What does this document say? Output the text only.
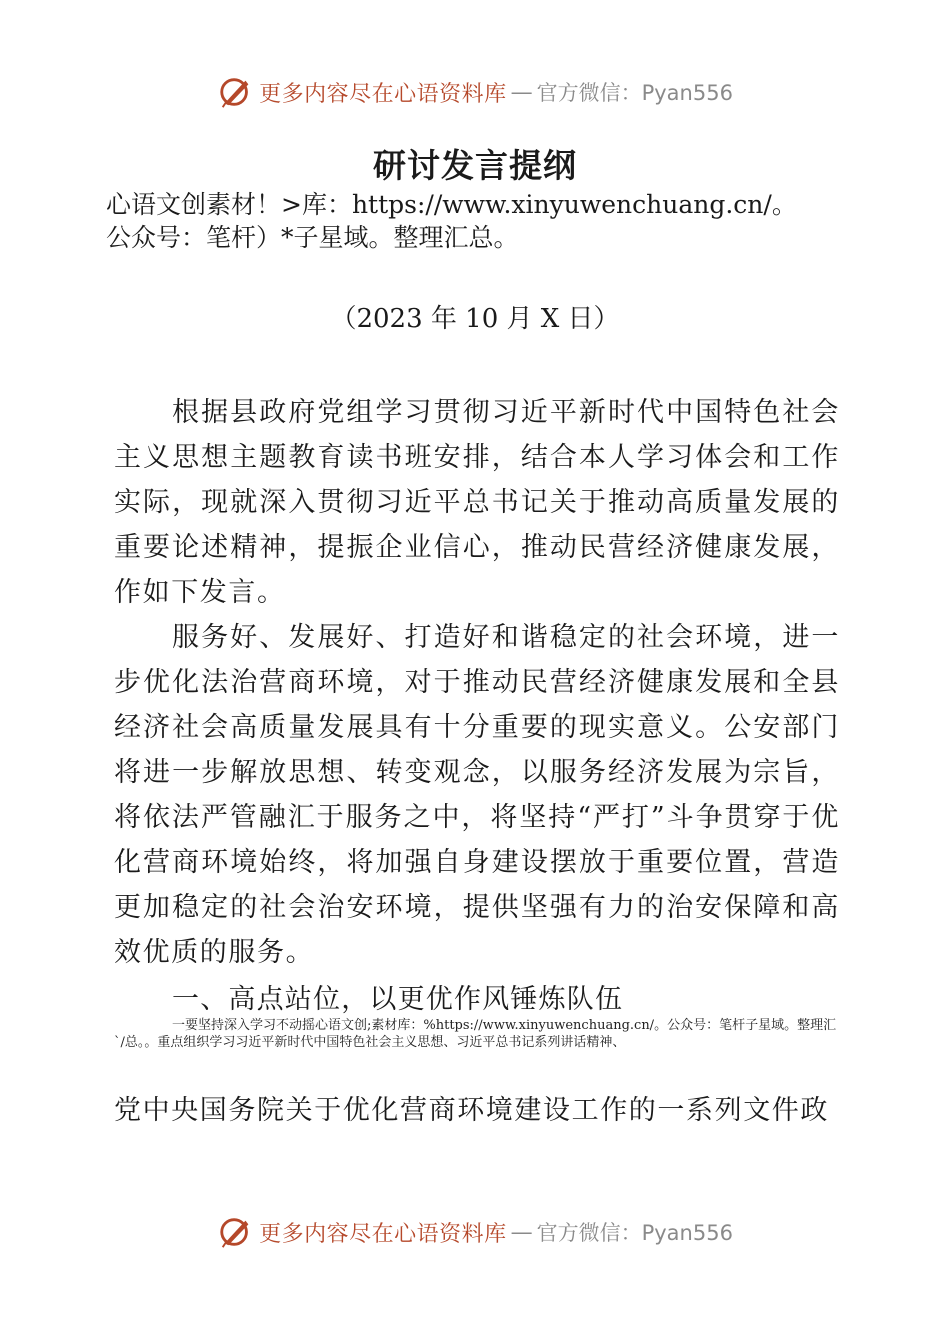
更多内容尽在心语资料库 — 官方微信：Pyan556
研讨发言提纲
心语文创素材！>库：https://www.xinyuwenchuang.cn/。
公众号：笔杆）*子星域。整理汇总。
（2023 年 10 月 X 日）
根据县政府党组学习贯彻习近平新时代中国特色社会主义思想主题教育读书班安排，结合本人学习体会和工作实际，现就深入贯彻习近平总书记关于推动高质量发展的重要论述精神，提振企业信心，推动民营经济健康发展，作如下发言。
服务好、发展好、打造好和谐稳定的社会环境，进一步优化法治营商环境，对于推动民营经济健康发展和全县经济社会高质量发展具有十分重要的现实意义。公安部门将进一步解放思想、转变观念，以服务经济发展为宗旨，将依法严管融汇于服务之中，将坚持“严打”斗争贯穿于优化营商环境始终，将加强自身建设摆放于重要位置，营造更加稳定的社会治安环境，提供坚强有力的治安保障和高效优质的服务。
一、高点站位，以更优作风锤炼队伍
一要坚持深入学习不动摇心语文创;素材库：%https://www.xinyuwenchuang.cn/。公众号：笔杆子星域。整理汇`/总。。重点组织学习习近平新时代中国特色社会主义思想、习近平总书记系列讲话精神、
党中央国务院关于优化营商环境建设工作的一系列文件政
更多内容尽在心语资料库 — 官方微信：Pyan556
